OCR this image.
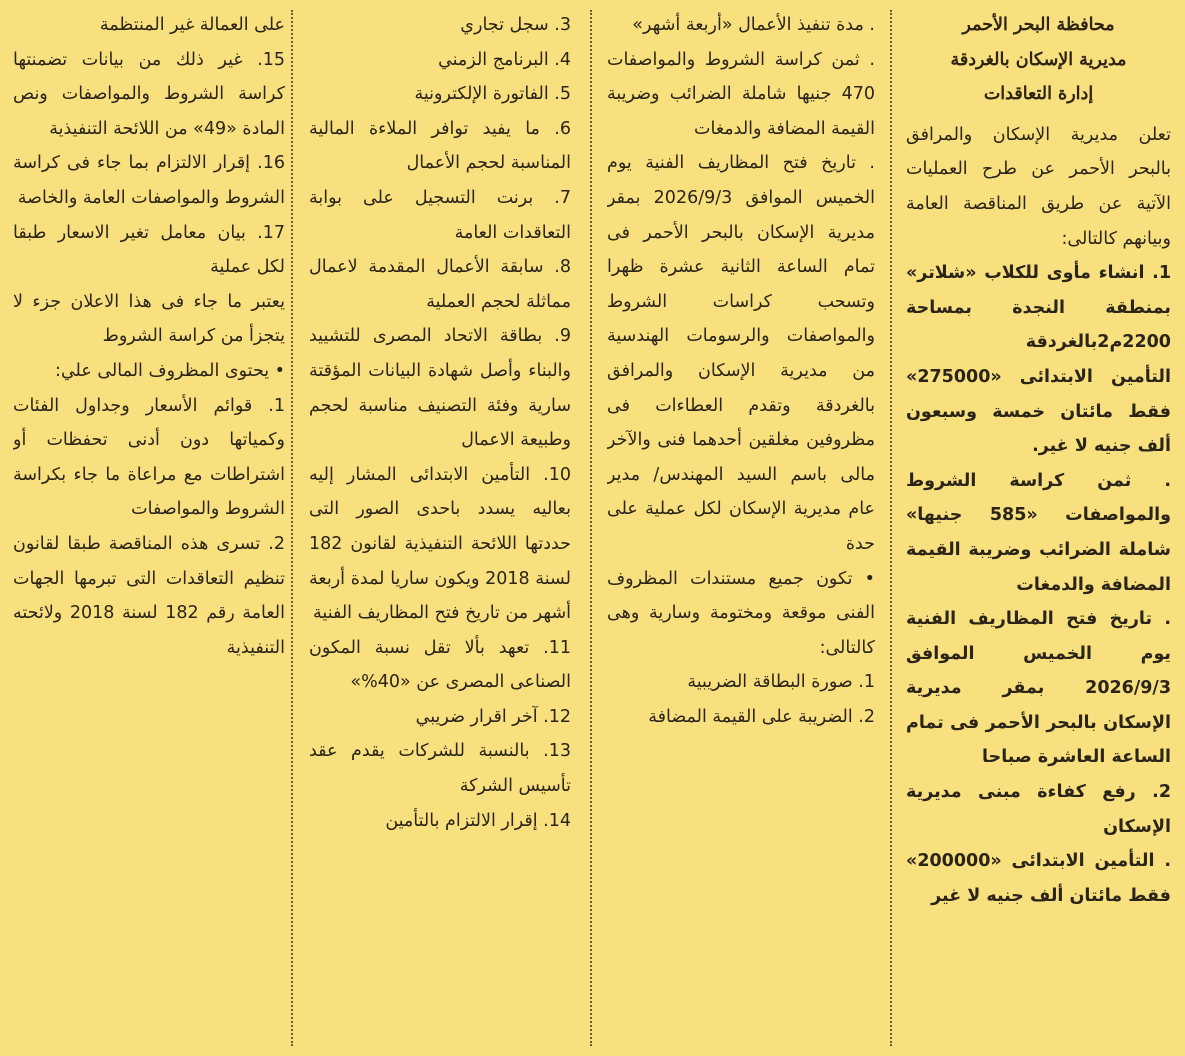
محافظة البحر الأحمر

مديرية الإسكان بالغردقة

إدارة التعاقدات

تعلن مديرية الإسكان والمرافق بالبحر الأحمر عن طرح العمليات الآتية عن طريق المناقصة العامة وبيانهم كالتالى:

1. انشاء مأوى للكلاب «شلاتر» بمنطقة النجدة بمساحة 2200م2بالغردقة

التأمين الابتدائى «275000» فقط مائتان خمسة وسبعون ألف جنيه لا غير.

. ثمن كراسة الشروط والمواصفات «585 جنيها» شاملة الضرائب وضريبة القيمة المضافة والدمغات

. تاريخ فتح المظاريف الفنية يوم الخميس الموافق 2026/9/3 بمقر مديرية الإسكان بالبحر الأحمر فى تمام الساعة العاشرة صباحا

2. رفع كفاءة مبنى مديرية الإسكان

. التأمين الابتدائى «200000» فقط مائتان ألف جنيه لا غير

. مدة تنفيذ الأعمال «أربعة أشهر»

. ثمن كراسة الشروط والمواصفات 470 جنيها شاملة الضرائب وضريبة القيمة المضافة والدمغات

. تاريخ فتح المظاريف الفنية يوم الخميس الموافق 2026/9/3 بمقر مديرية الإسكان بالبحر الأحمر فى تمام الساعة الثانية عشرة ظهرا وتسحب كراسات الشروط والمواصفات والرسومات الهندسية من مديرية الإسكان والمرافق بالغردقة وتقدم العطاءات فى مظروفين مغلقين أحدهما فنى والآخر مالى باسم السيد المهندس/ مدير عام مديرية الإسكان لكل عملية على حدة

• تكون جميع مستندات المظروف الفنى موقعة ومختومة وسارية وهى كالتالى:

1. صورة البطاقة الضريبية

2. الضريبة على القيمة المضافة

3. سجل تجاري

4. البرنامج الزمني

5. الفاتورة الإلكترونية

6. ما يفيد توافر الملاءة المالية المناسبة لحجم الأعمال

7. برنت التسجيل على بوابة التعاقدات العامة

8. سابقة الأعمال المقدمة لاعمال مماثلة لحجم العملية

9. بطاقة الاتحاد المصرى للتشييد والبناء وأصل شهادة البيانات المؤقتة سارية وفئة التصنيف مناسبة لحجم وطبيعة الاعمال

10. التأمين الابتدائى المشار إليه بعاليه يسدد باحدى الصور التى حددتها اللائحة التنفيذية لقانون 182 لسنة 2018 ويكون ساريا لمدة أربعة أشهر من تاريخ فتح المظاريف الفنية

11. تعهد بألا تقل نسبة المكون الصناعى المصرى عن «40%»

12. آخر اقرار ضريبي

13. بالنسبة للشركات يقدم عقد تأسيس الشركة

14. إقرار الالتزام بالتأمين

على العمالة غير المنتظمة

15. غير ذلك من بيانات تضمنتها كراسة الشروط والمواصفات ونص المادة «49» من اللائحة التنفيذية

16. إقرار الالتزام بما جاء فى كراسة الشروط والمواصفات العامة والخاصة

17. بيان معامل تغير الاسعار طبقا لكل عملية

يعتبر ما جاء فى هذا الاعلان جزء لا يتجزأ من كراسة الشروط

• يحتوى المظروف المالى علي:

1. قوائم الأسعار وجداول الفئات وكمياتها دون أدنى تحفظات أو اشتراطات مع مراعاة ما جاء بكراسة الشروط والمواصفات

2. تسرى هذه المناقصة طبقا لقانون تنظيم التعاقدات التى تبرمها الجهات العامة رقم 182 لسنة 2018 ولائحته التنفيذية
